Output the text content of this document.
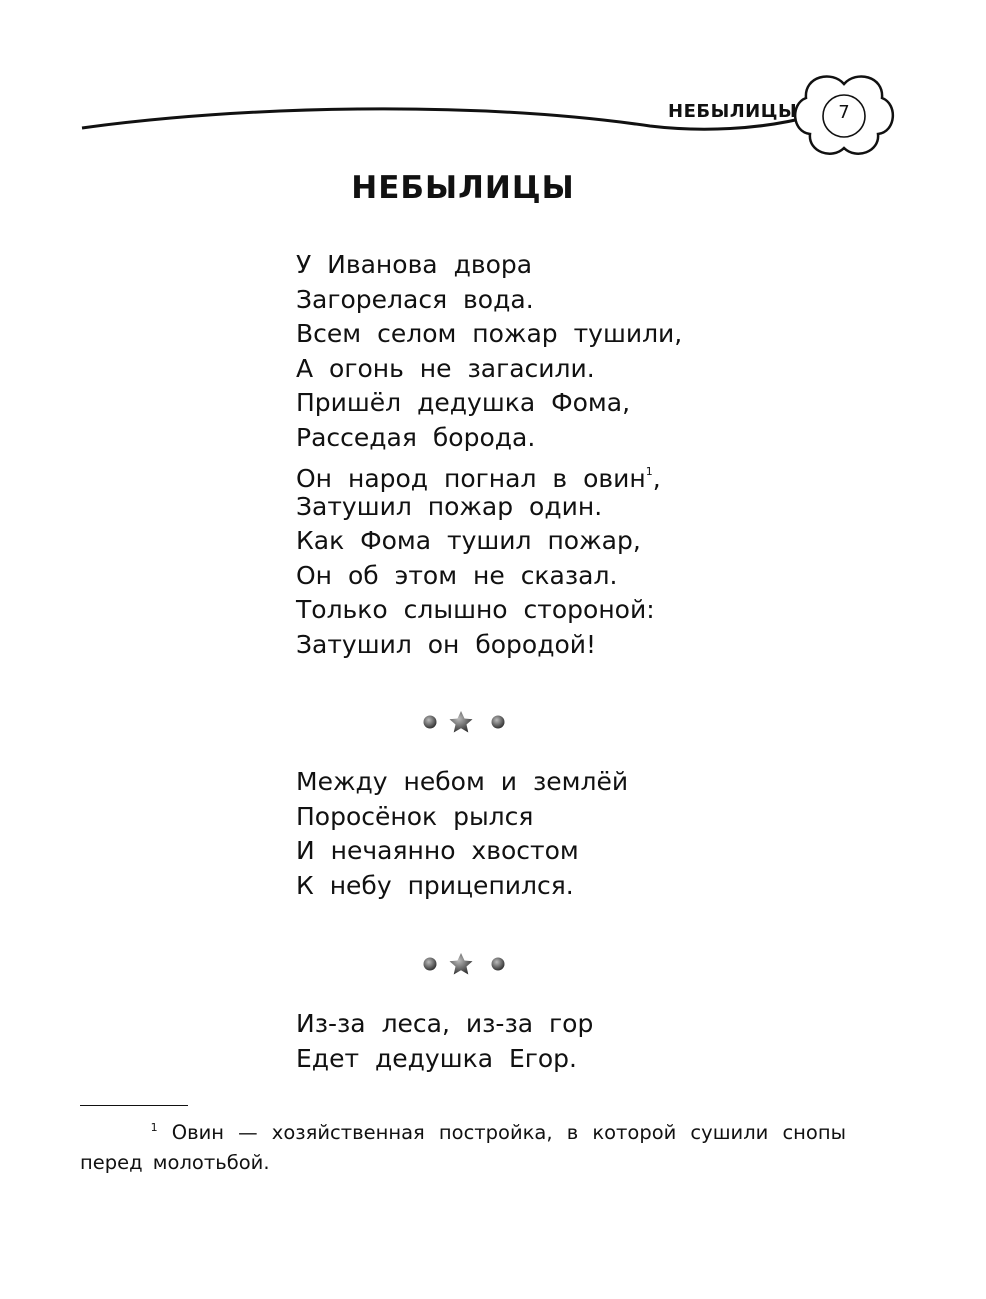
НЕБЫЛИЦЫ	7
НЕБЫЛИЦЫ
У Иванова двора
Загорелася вода.
Всем селом пожар тушили,
А огонь не загасили.
Пришёл дедушка Фома,
Расседая борода.
Он народ погнал в овин$^1$,
Затушил пожар один.
Как Фома тушил пожар,
Он об этом не сказал.
Только слышно стороной:
Затушил он бородой!
Между небом и землёй
Поросёнок рылся
И нечаянно хвостом
К небу прицепился.
Из-за леса, из-за гор
Едет дедушка Егор.
$^1$ Овин — хозяйственная постройка, в которой сушили снопы перед молотьбой.
